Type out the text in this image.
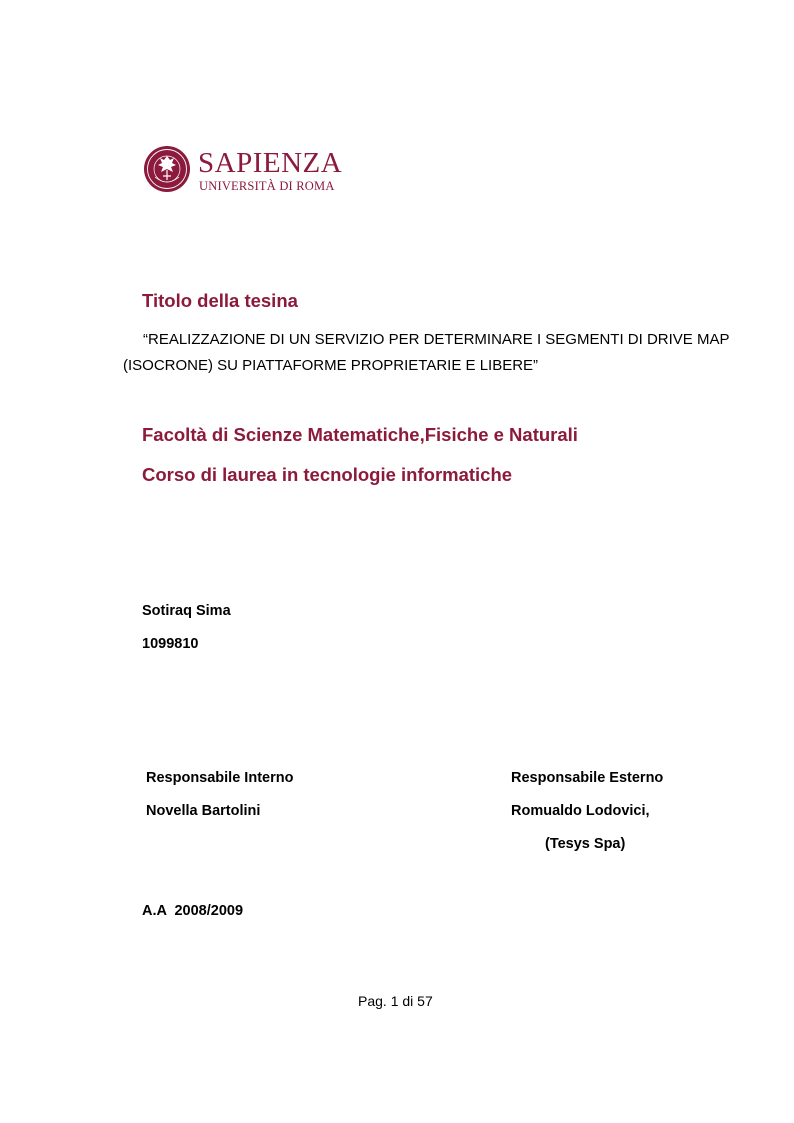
SAPIENZA
UNIVERSITÀ DI ROMA
Titolo della tesina
“REALIZZAZIONE DI UN SERVIZIO PER DETERMINARE I SEGMENTI DI DRIVE MAP
(ISOCRONE) SU PIATTAFORME PROPRIETARIE E LIBERE”
Facoltà di Scienze Matematiche,Fisiche e Naturali
Corso di laurea in tecnologie informatiche
Sotiraq Sima
1099810
Responsabile Interno
Novella Bartolini
Responsabile Esterno
Romualdo Lodovici,
(Tesys Spa)
A.A  2008/2009
Pag. 1 di 57
